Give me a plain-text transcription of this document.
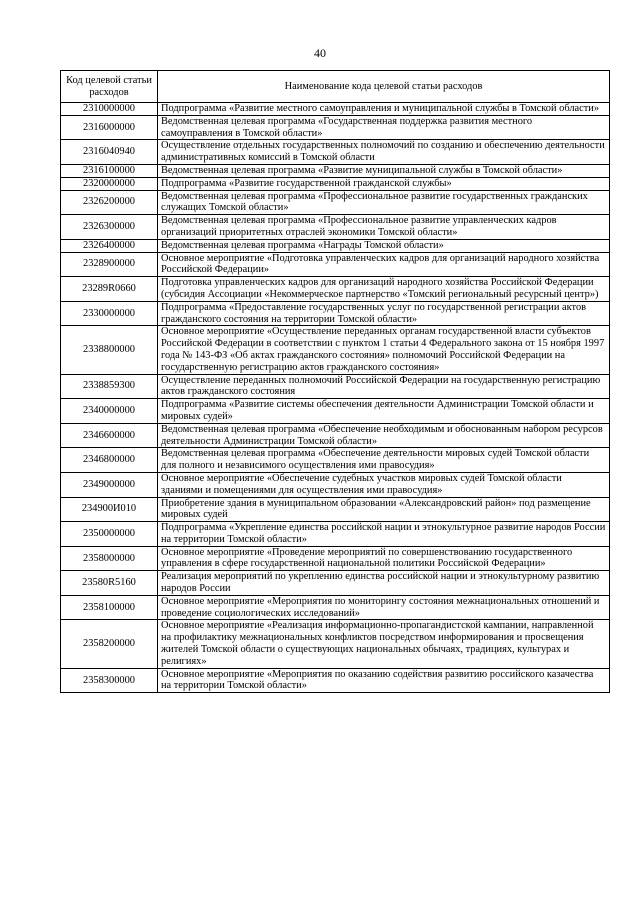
40
Код целевой статьи расходов	Наименование кода целевой статьи расходов
2310000000	Подпрограмма «Развитие местного самоуправления и муниципальной службы в Томской области»
2316000000	Ведомственная целевая программа «Государственная поддержка развития местного самоуправления в Томской области»
2316040940	Осуществление отдельных государственных полномочий по созданию и обеспечению деятельности административных комиссий в Томской области
2316100000	Ведомственная целевая программа «Развитие муниципальной службы в Томской области»
2320000000	Подпрограмма «Развитие государственной гражданской службы»
2326200000	Ведомственная целевая программа «Профессиональное развитие государственных гражданских служащих Томской области»
2326300000	Ведомственная целевая программа «Профессиональное развитие управленческих кадров организаций приоритетных отраслей экономики Томской области»
2326400000	Ведомственная целевая программа «Награды Томской области»
2328900000	Основное мероприятие «Подготовка управленческих кадров для организаций народного хозяйства Российской Федерации»
23289R0660	Подготовка управленческих кадров для организаций народного хозяйства Российской Федерации (субсидия Ассоциации «Некоммерческое партнерство «Томский региональный ресурсный центр»)
2330000000	Подпрограмма «Предоставление государственных услуг по государственной регистрации актов гражданского состояния на территории Томской области»
2338800000	Основное мероприятие «Осуществление переданных органам государственной власти субъектов Российской Федерации в соответствии с пунктом 1 статьи 4 Федерального закона от 15 ноября 1997 года № 143-ФЗ «Об актах гражданского состояния» полномочий Российской Федерации на государственную регистрацию актов гражданского состояния»
2338859300	Осуществление переданных полномочий Российской Федерации на государственную регистрацию актов гражданского состояния
2340000000	Подпрограмма «Развитие системы обеспечения деятельности Администрации Томской области и мировых судей»
2346600000	Ведомственная целевая программа «Обеспечение необходимым и обоснованным набором ресурсов деятельности Администрации Томской области»
2346800000	Ведомственная целевая программа «Обеспечение деятельности мировых судей Томской области для полного и независимого осуществления ими правосудия»
2349000000	Основное мероприятие «Обеспечение судебных участков мировых судей Томской области зданиями и помещениями для осуществления ими правосудия»
234900И010	Приобретение здания в муниципальном образовании «Александровский район» под размещение мировых судей
2350000000	Подпрограмма «Укрепление единства российской нации и этнокультурное развитие народов России на территории Томской области»
2358000000	Основное мероприятие «Проведение мероприятий по совершенствованию государственного управления в сфере государственной национальной политики Российской Федерации»
23580R5160	Реализация мероприятий по укреплению единства российской нации и этнокультурному развитию народов России
2358100000	Основное мероприятие «Мероприятия по мониторингу состояния межнациональных отношений и проведение социологических исследований»
2358200000	Основное мероприятие «Реализация информационно-пропагандистской кампании, направленной на профилактику межнациональных конфликтов посредством информирования и просвещения жителей Томской области о существующих национальных обычаях, традициях, культурах и религиях»
2358300000	Основное мероприятие «Мероприятия по оказанию содействия развитию российского казачества на территории Томской области»
